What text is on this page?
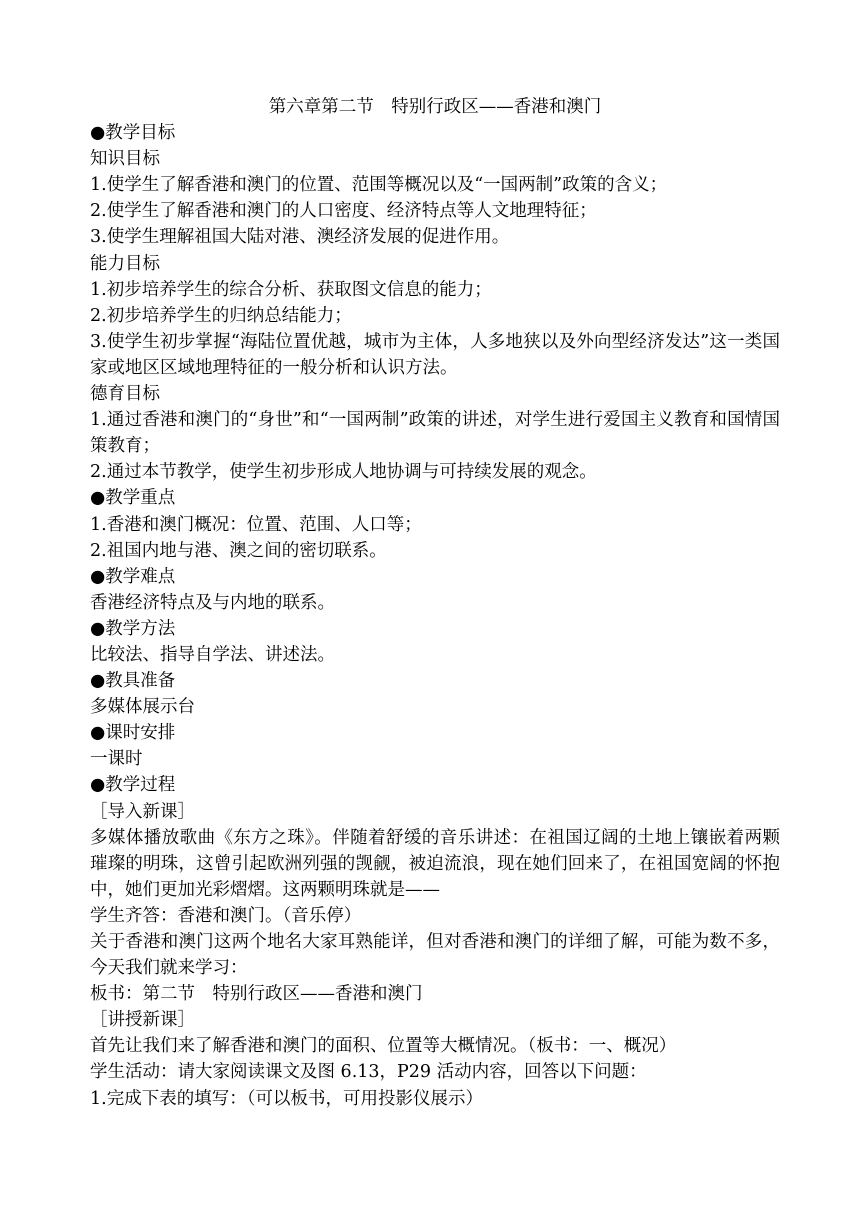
第六章第二节　特别行政区——香港和澳门

●教学目标

知识目标

1.使学生了解香港和澳门的位置、范围等概况以及“一国两制”政策的含义；

2.使学生了解香港和澳门的人口密度、经济特点等人文地理特征；

3.使学生理解祖国大陆对港、澳经济发展的促进作用。

能力目标

1.初步培养学生的综合分析、获取图文信息的能力；

2.初步培养学生的归纳总结能力；

3.使学生初步掌握“海陆位置优越，城市为主体，人多地狭以及外向型经济发达”这一类国家或地区区域地理特征的一般分析和认识方法。

德育目标

1.通过香港和澳门的“身世”和“一国两制”政策的讲述，对学生进行爱国主义教育和国情国策教育；

2.通过本节教学，使学生初步形成人地协调与可持续发展的观念。

●教学重点

1.香港和澳门概况：位置、范围、人口等；

2.祖国内地与港、澳之间的密切联系。

●教学难点

香港经济特点及与内地的联系。

●教学方法

比较法、指导自学法、讲述法。

●教具准备

多媒体展示台

●课时安排

一课时

●教学过程

［导入新课］

多媒体播放歌曲《东方之珠》。伴随着舒缓的音乐讲述：在祖国辽阔的土地上镶嵌着两颗璀璨的明珠，这曾引起欧洲列强的觊觎，被迫流浪，现在她们回来了，在祖国宽阔的怀抱中，她们更加光彩熠熠。这两颗明珠就是——

学生齐答：香港和澳门。（音乐停）

关于香港和澳门这两个地名大家耳熟能详，但对香港和澳门的详细了解，可能为数不多，今天我们就来学习：

板书：第二节　特别行政区——香港和澳门

［讲授新课］

首先让我们来了解香港和澳门的面积、位置等大概情况。（板书：一、概况）

学生活动：请大家阅读课文及图 6.13，P29 活动内容，回答以下问题：

1.完成下表的填写：（可以板书，可用投影仪展示）
